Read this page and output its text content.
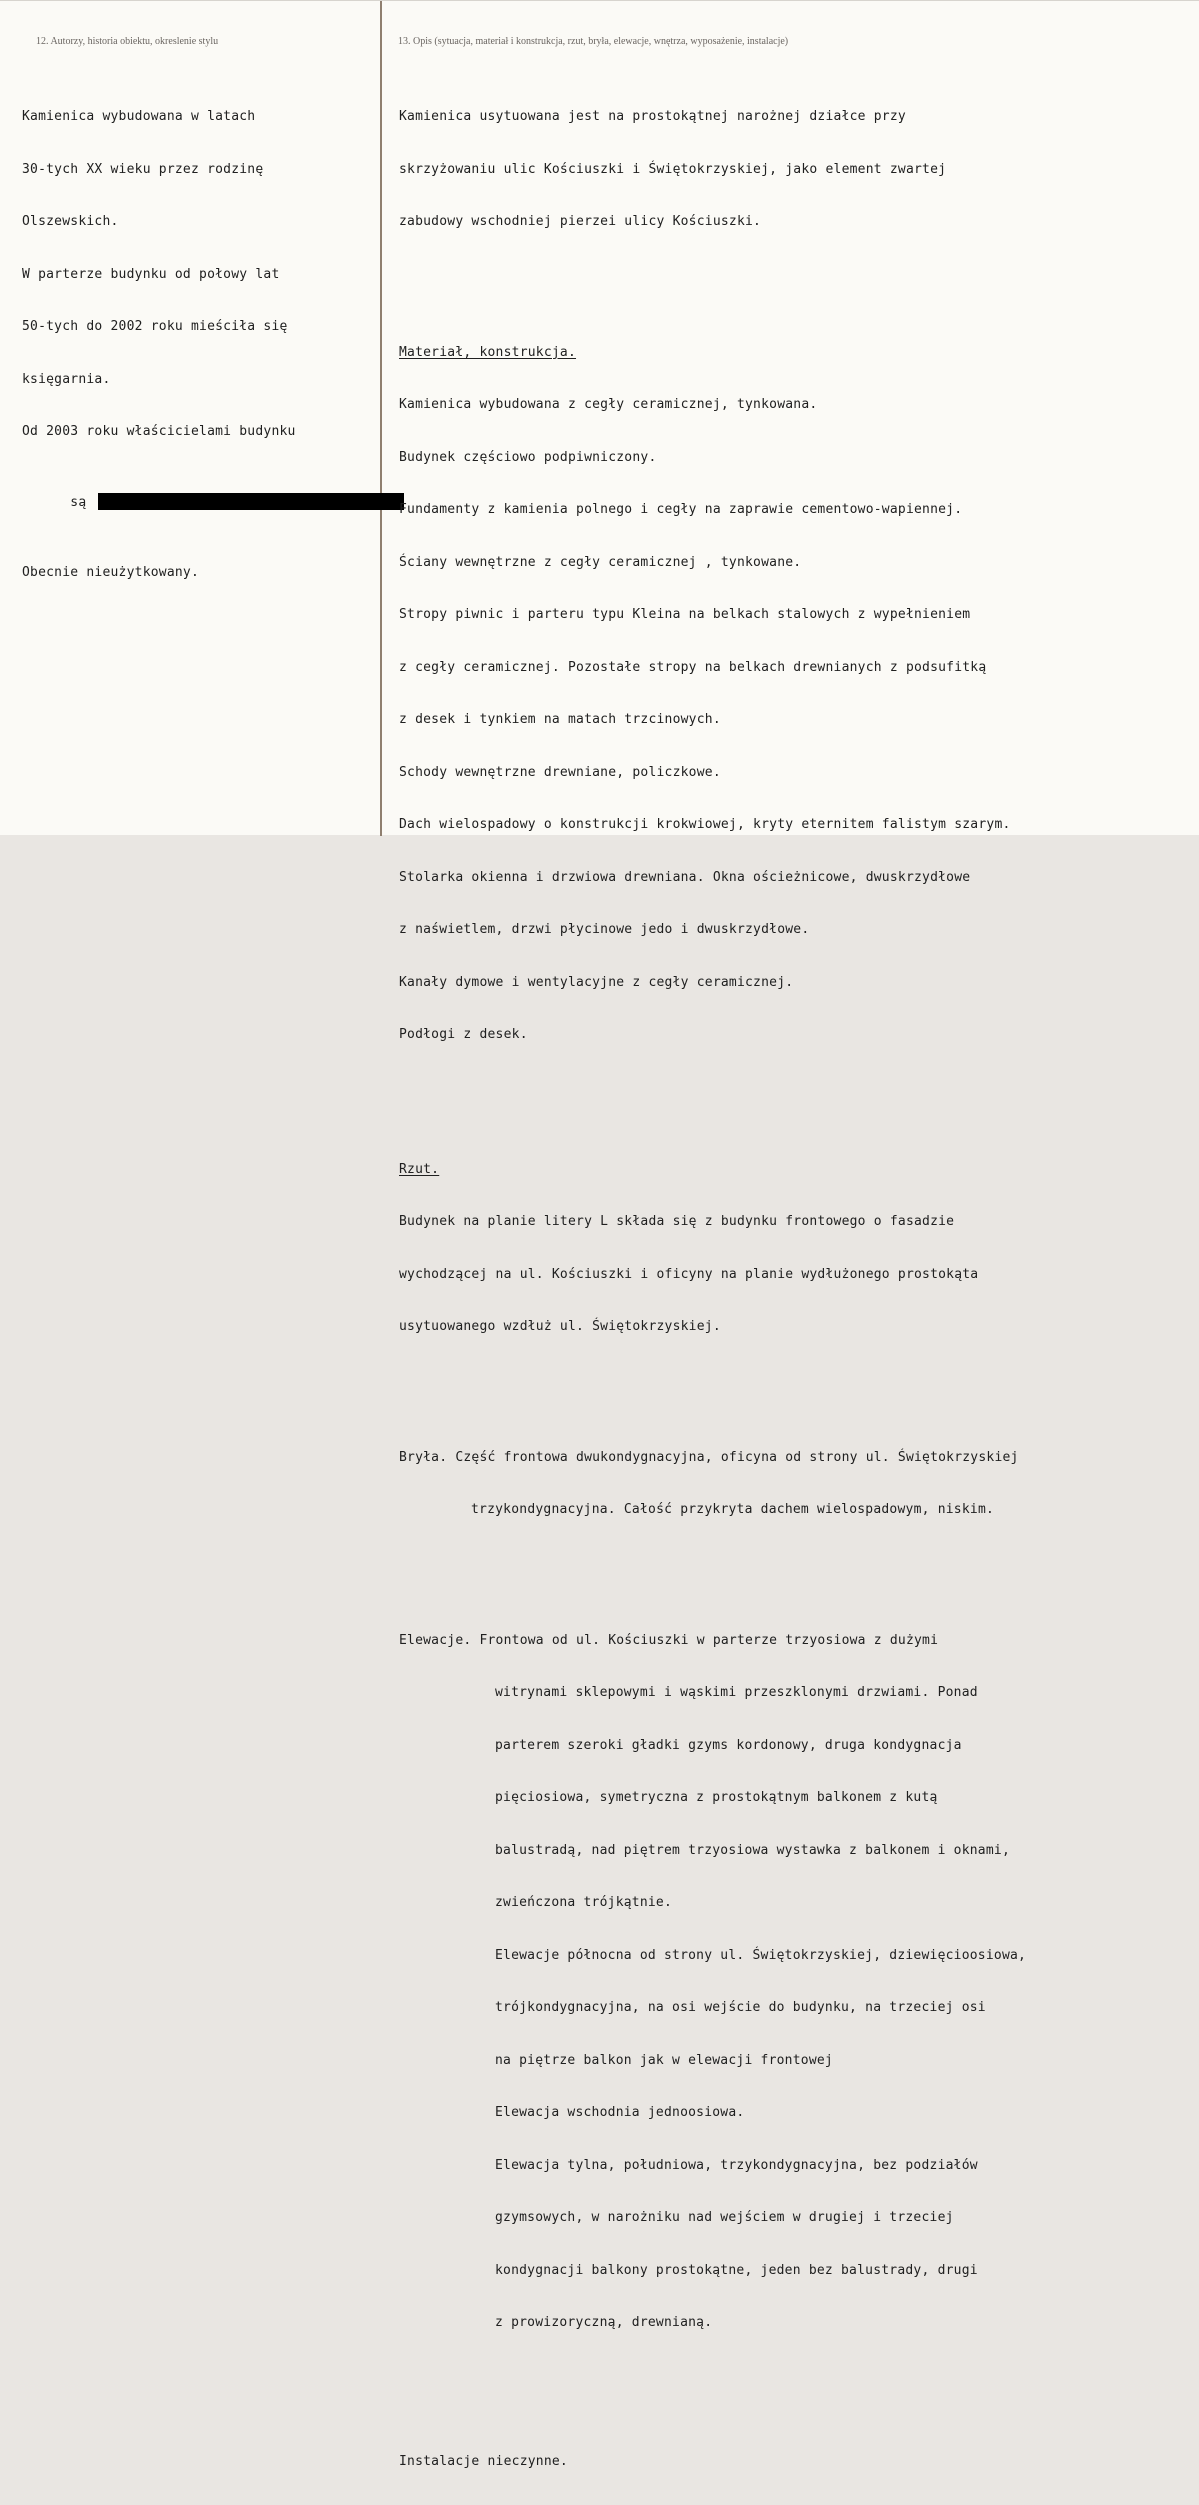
12. Autorzy, historia obiektu, okreslenie stylu	13. Opis (sytuacja, materiał i konstrukcja, rzut, bryła, elewacje, wnętrza, wyposażenie, instalacje)

Kamienica wybudowana w latach

30-tych XX wieku przez rodzinę

Olszewskich.

W parterze budynku od połowy lat

50-tych do 2002 roku mieściła się

księgarnia.

Od 2003 roku właścicielami budynku

są

Obecnie nieużytkowany.

Kamienica usytuowana jest na prostokątnej narożnej działce przy

skrzyżowaniu ulic Kościuszki i Świętokrzyskiej, jako element zwartej

zabudowy wschodniej pierzei ulicy Kościuszki.

Materiał, konstrukcja.

Kamienica wybudowana z cegły ceramicznej, tynkowana.

Budynek częściowo podpiwniczony.

Fundamenty z kamienia polnego i cegły na zaprawie cementowo-wapiennej.

Ściany wewnętrzne z cegły ceramicznej , tynkowane.

Stropy piwnic i parteru typu Kleina na belkach stalowych z wypełnieniem

z cegły ceramicznej. Pozostałe stropy na belkach drewnianych z podsufitką

z desek i tynkiem na matach trzcinowych.

Schody wewnętrzne drewniane, policzkowe.

Dach wielospadowy o konstrukcji krokwiowej, kryty eternitem falistym szarym.

Stolarka okienna i drzwiowa drewniana. Okna ościeżnicowe, dwuskrzydłowe

z naświetlem, drzwi płycinowe jedo i dwuskrzydłowe.

Kanały dymowe i wentylacyjne z cegły ceramicznej.

Podłogi z desek.

Rzut.

Budynek na planie litery L składa się z budynku frontowego o fasadzie

wychodzącej na ul. Kościuszki i oficyny na planie wydłużonego prostokąta

usytuowanego wzdłuż ul. Świętokrzyskiej.

Bryła. Część frontowa dwukondygnacyjna, oficyna od strony ul. Świętokrzyskiej

trzykondygnacyjna. Całość przykryta dachem wielospadowym, niskim.

Elewacje. Frontowa od ul. Kościuszki w parterze trzyosiowa z dużymi

witrynami sklepowymi i wąskimi przeszklonymi drzwiami. Ponad

parterem szeroki gładki gzyms kordonowy, druga kondygnacja

pięciosiowa, symetryczna z prostokątnym balkonem z kutą

balustradą, nad piętrem trzyosiowa wystawka z balkonem i oknami,

zwieńczona trójkątnie.

Elewacje północna od strony ul. Świętokrzyskiej, dziewięcioosiowa,

trójkondygnacyjna, na osi wejście do budynku, na trzeciej osi

na piętrze balkon jak w elewacji frontowej

Elewacja wschodnia jednoosiowa.

Elewacja tylna, południowa, trzykondygnacyjna, bez podziałów

gzymsowych, w narożniku nad wejściem w drugiej i trzeciej

kondygnacji balkony prostokątne, jeden bez balustrady, drugi

z prowizoryczną, drewnianą.

Instalacje nieczynne.
